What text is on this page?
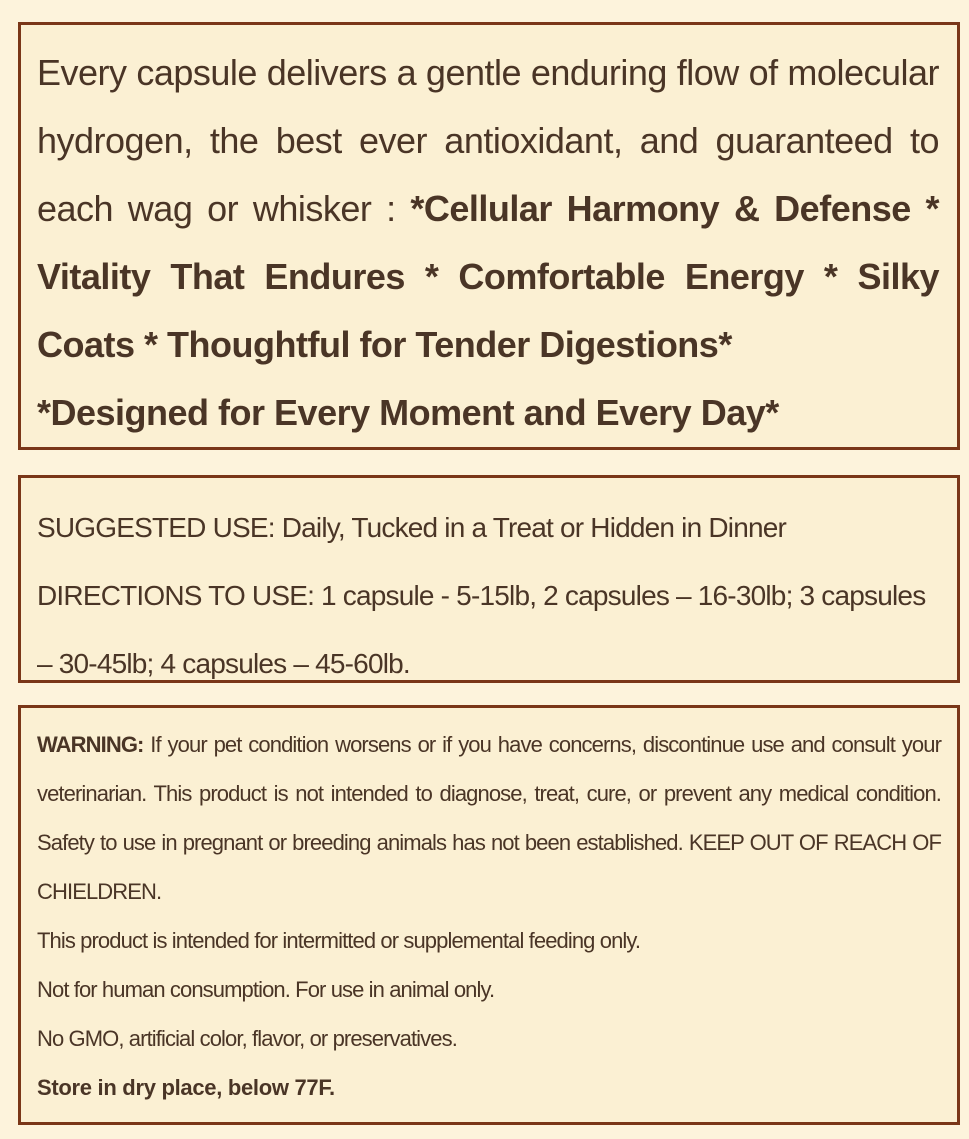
Every capsule delivers a gentle enduring flow of molecular hydrogen, the best ever antioxidant, and guaranteed to each wag or whisker : *Cellular Harmony & Defense * Vitality That Endures * Comfortable Energy * Silky Coats * Thoughtful for Tender Digestions*
*Designed for Every Moment and Every Day*

SUGGESTED USE: Daily, Tucked in a Treat or Hidden in Dinner

DIRECTIONS TO USE: 1 capsule - 5-15lb, 2 capsules – 16-30lb; 3 capsules – 30-45lb; 4 capsules – 45-60lb.

WARNING: If your pet condition worsens or if you have concerns, discontinue use and consult your veterinarian. This product is not intended to diagnose, treat, cure, or prevent any medical condition. Safety to use in pregnant or breeding animals has not been established. KEEP OUT OF REACH OF CHIELDREN.

This product is intended for intermitted or supplemental feeding only.

Not for human consumption. For use in animal only.

No GMO, artificial color, flavor, or preservatives.

Store in dry place, below 77F.
